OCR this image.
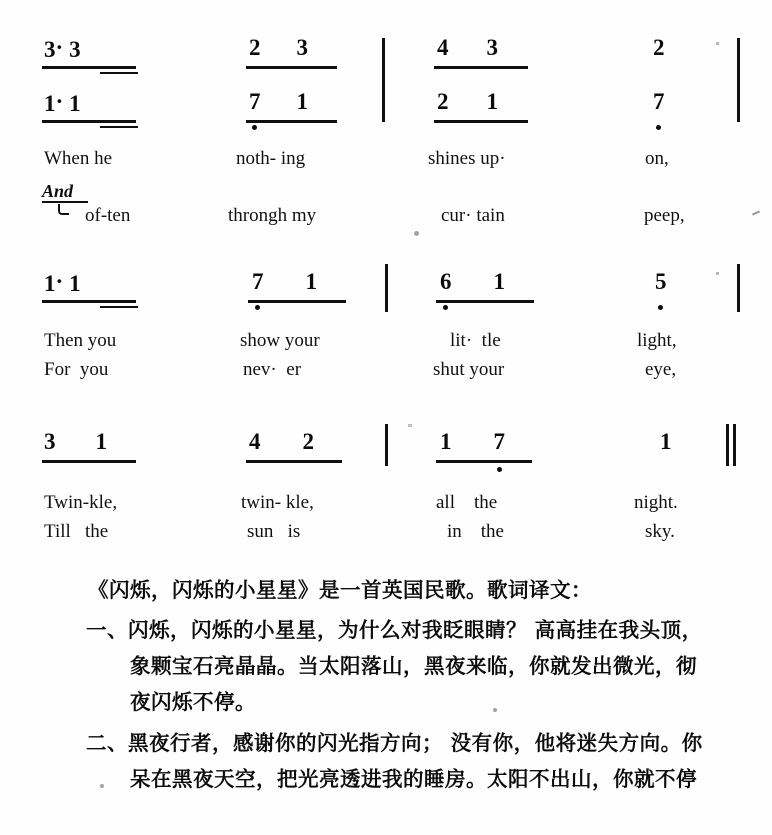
3· 3	2 3	4 3	2
1· 1	7 1	2 1	7
When he	noth- ing	shines up·	on,
And
of-ten	throngh my	cur· tain	peep,
1· 1	7 1	6 1	5
Then you	show your	lit·  tle	light,
For  you	nev·  er	shut your	eye,
3 1	4 2	1 7	1
Twin-kle,	twin- kle,	all    the	night.
Till   the	sun   is	in    the	sky.
《闪烁，闪烁的小星星》是一首英国民歌。歌词译文：
一、闪烁，闪烁的小星星，为什么对我眨眼睛？ 高高挂在我头顶，
象颗宝石亮晶晶。当太阳落山，黑夜来临，你就发出微光，彻
夜闪烁不停。
二、黑夜行者，感谢你的闪光指方向； 没有你，他将迷失方向。你
呆在黑夜天空，把光亮透进我的睡房。太阳不出山，你就不停
